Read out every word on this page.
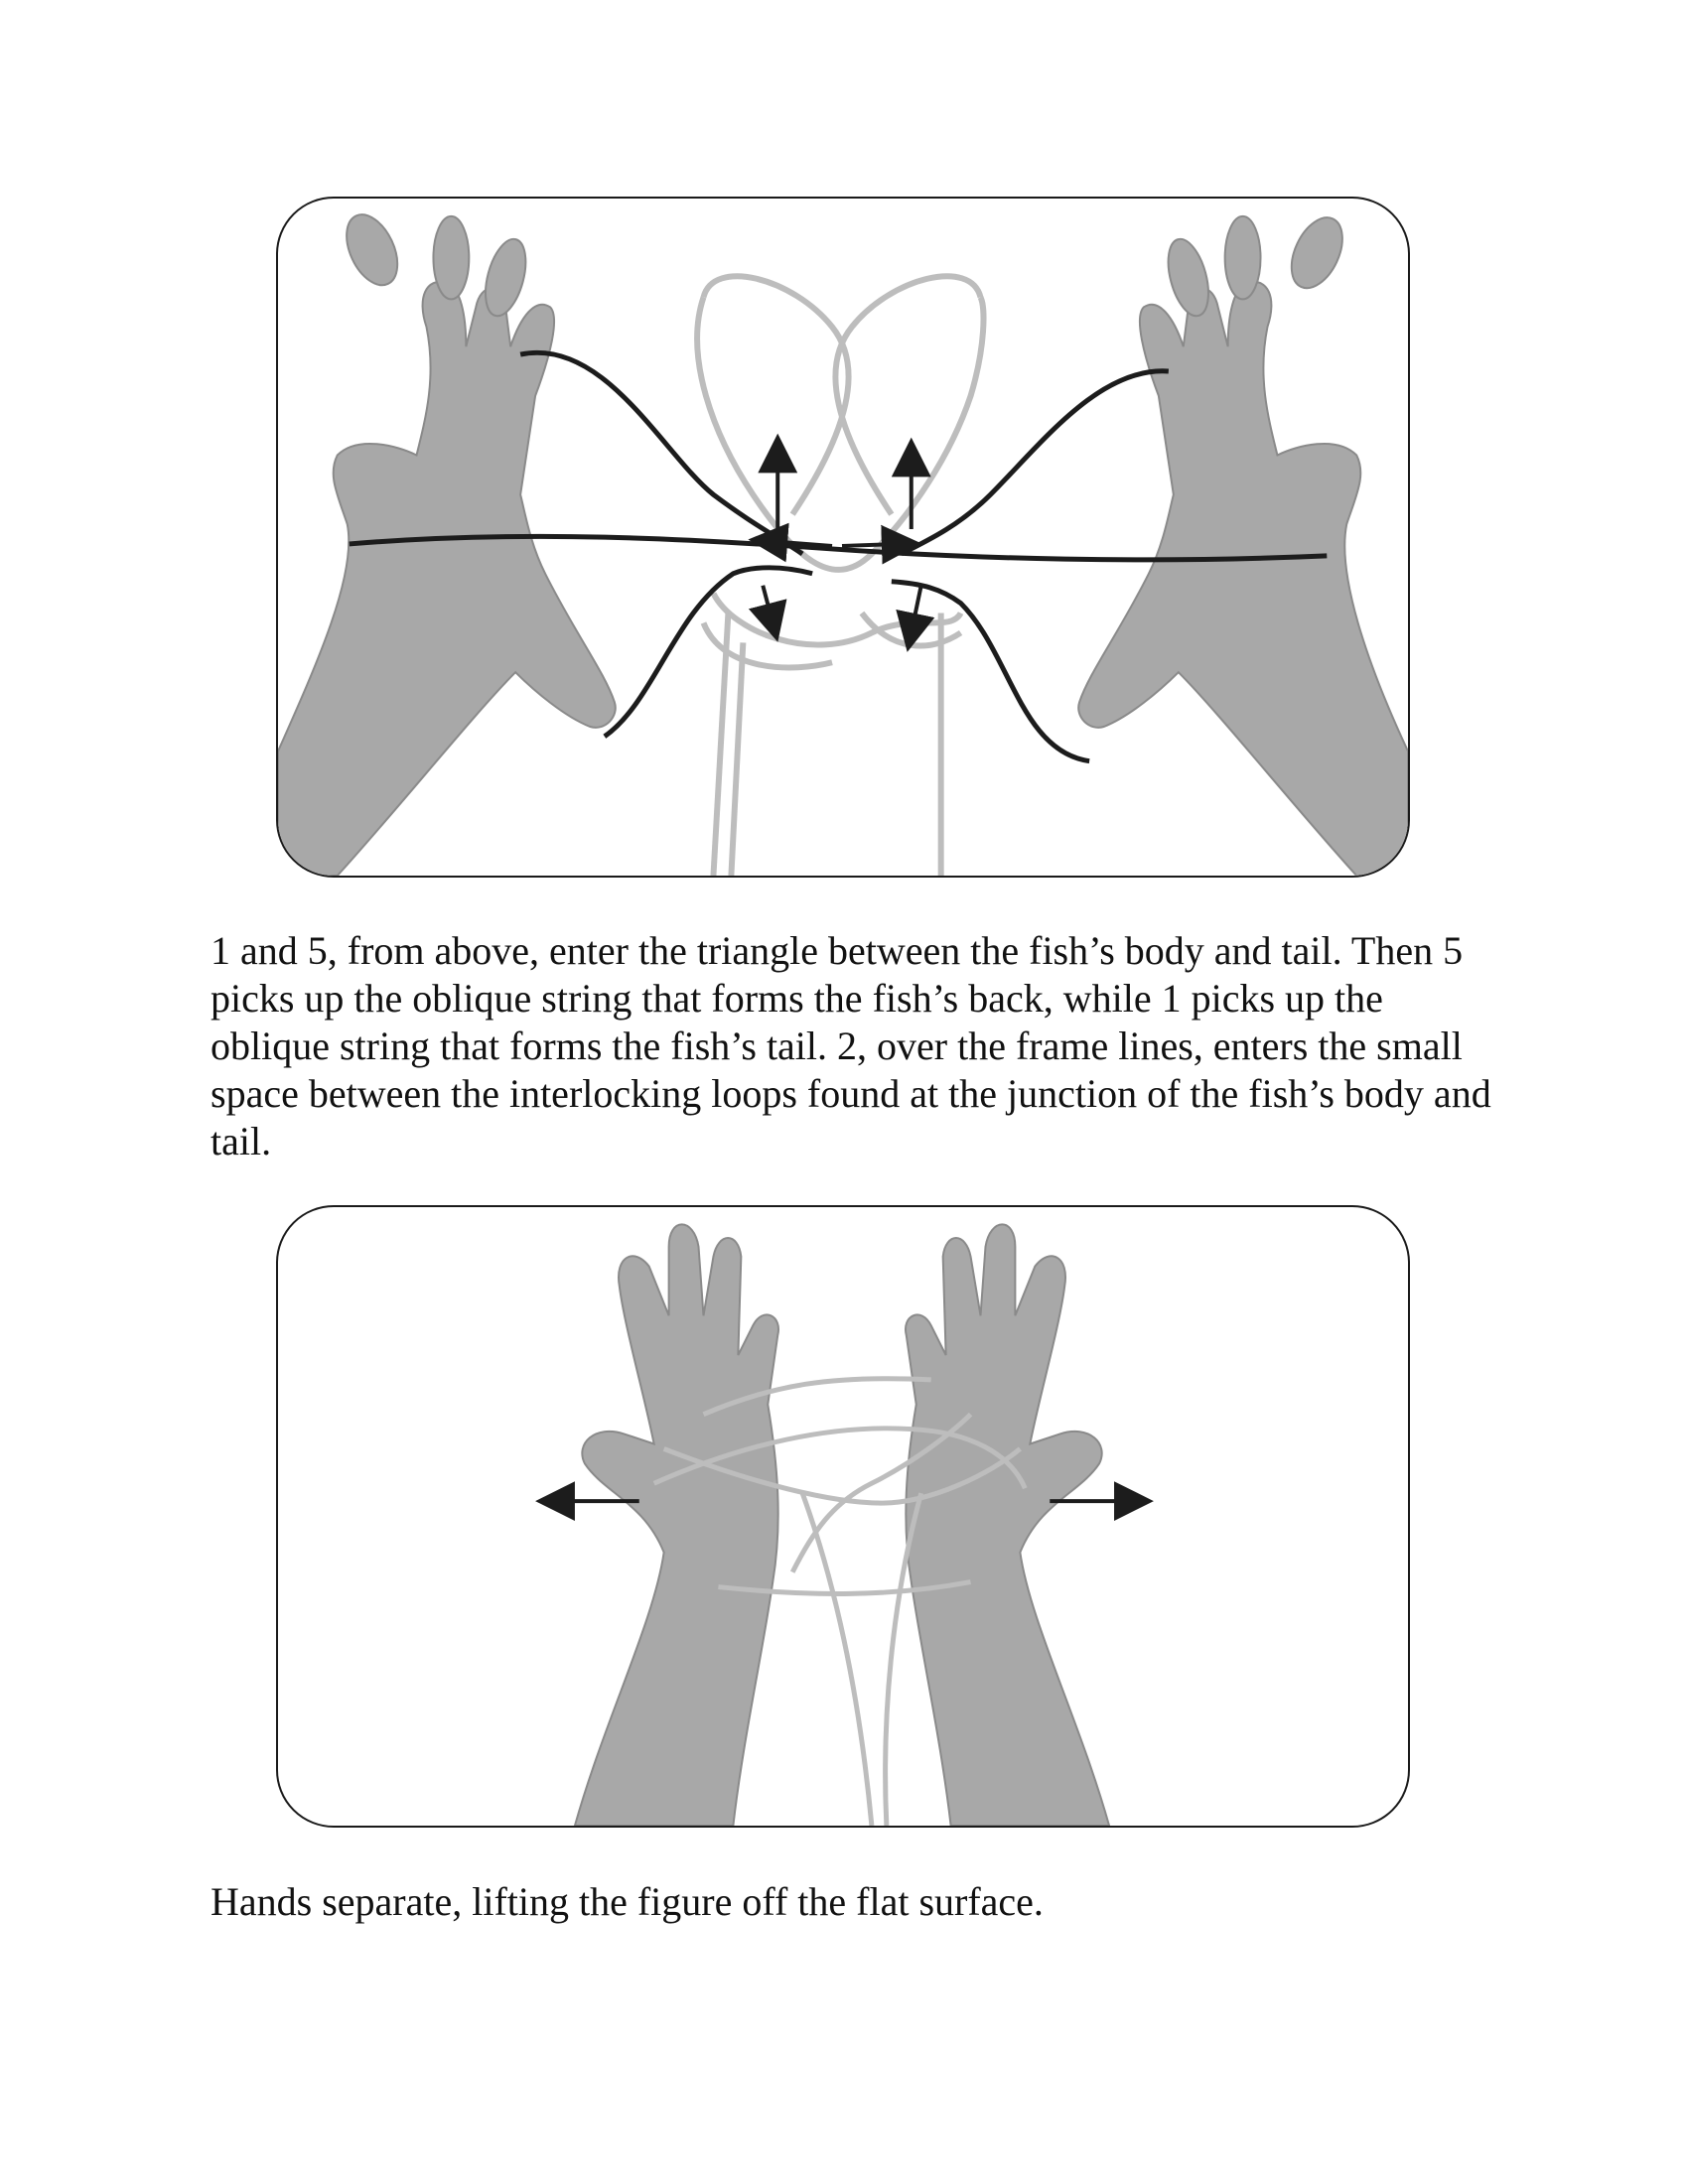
1 and 5, from above, enter the triangle between the fish’s body and tail. Then 5 picks up the oblique string that forms the fish’s back, while 1 picks up the oblique string that forms the fish’s tail. 2, over the frame lines, enters the small space between the interlocking loops found at the junction of the fish’s body and tail.

Hands separate, lifting the figure off the flat surface.
